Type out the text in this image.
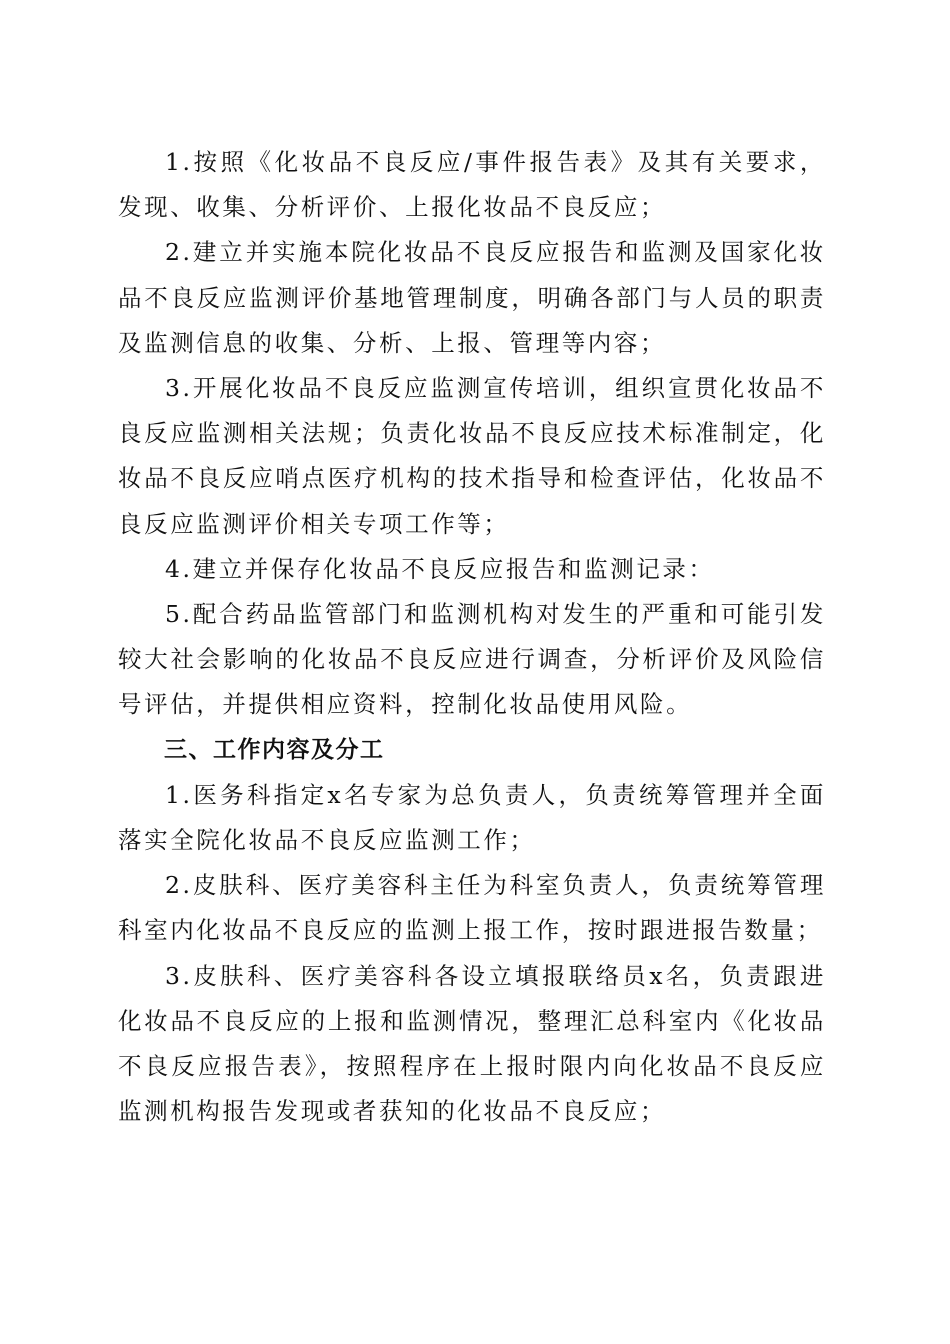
1.按照《化妆品不良反应/事件报告表》及其有关要求，发现、收集、分析评价、上报化妆品不良反应；

2.建立并实施本院化妆品不良反应报告和监测及国家化妆品不良反应监测评价基地管理制度，明确各部门与人员的职责及监测信息的收集、分析、上报、管理等内容；

3.开展化妆品不良反应监测宣传培训，组织宣贯化妆品不良反应监测相关法规；负责化妆品不良反应技术标准制定，化妆品不良反应哨点医疗机构的技术指导和检查评估，化妆品不良反应监测评价相关专项工作等；

4.建立并保存化妆品不良反应报告和监测记录：

5.配合药品监管部门和监测机构对发生的严重和可能引发较大社会影响的化妆品不良反应进行调查，分析评价及风险信号评估，并提供相应资料，控制化妆品使用风险。

三、工作内容及分工

1.医务科指定x名专家为总负责人，负责统筹管理并全面落实全院化妆品不良反应监测工作；

2.皮肤科、医疗美容科主任为科室负责人，负责统筹管理科室内化妆品不良反应的监测上报工作，按时跟进报告数量；

3.皮肤科、医疗美容科各设立填报联络员x名，负责跟进化妆品不良反应的上报和监测情况，整理汇总科室内《化妆品不良反应报告表》，按照程序在上报时限内向化妆品不良反应监测机构报告发现或者获知的化妆品不良反应；
